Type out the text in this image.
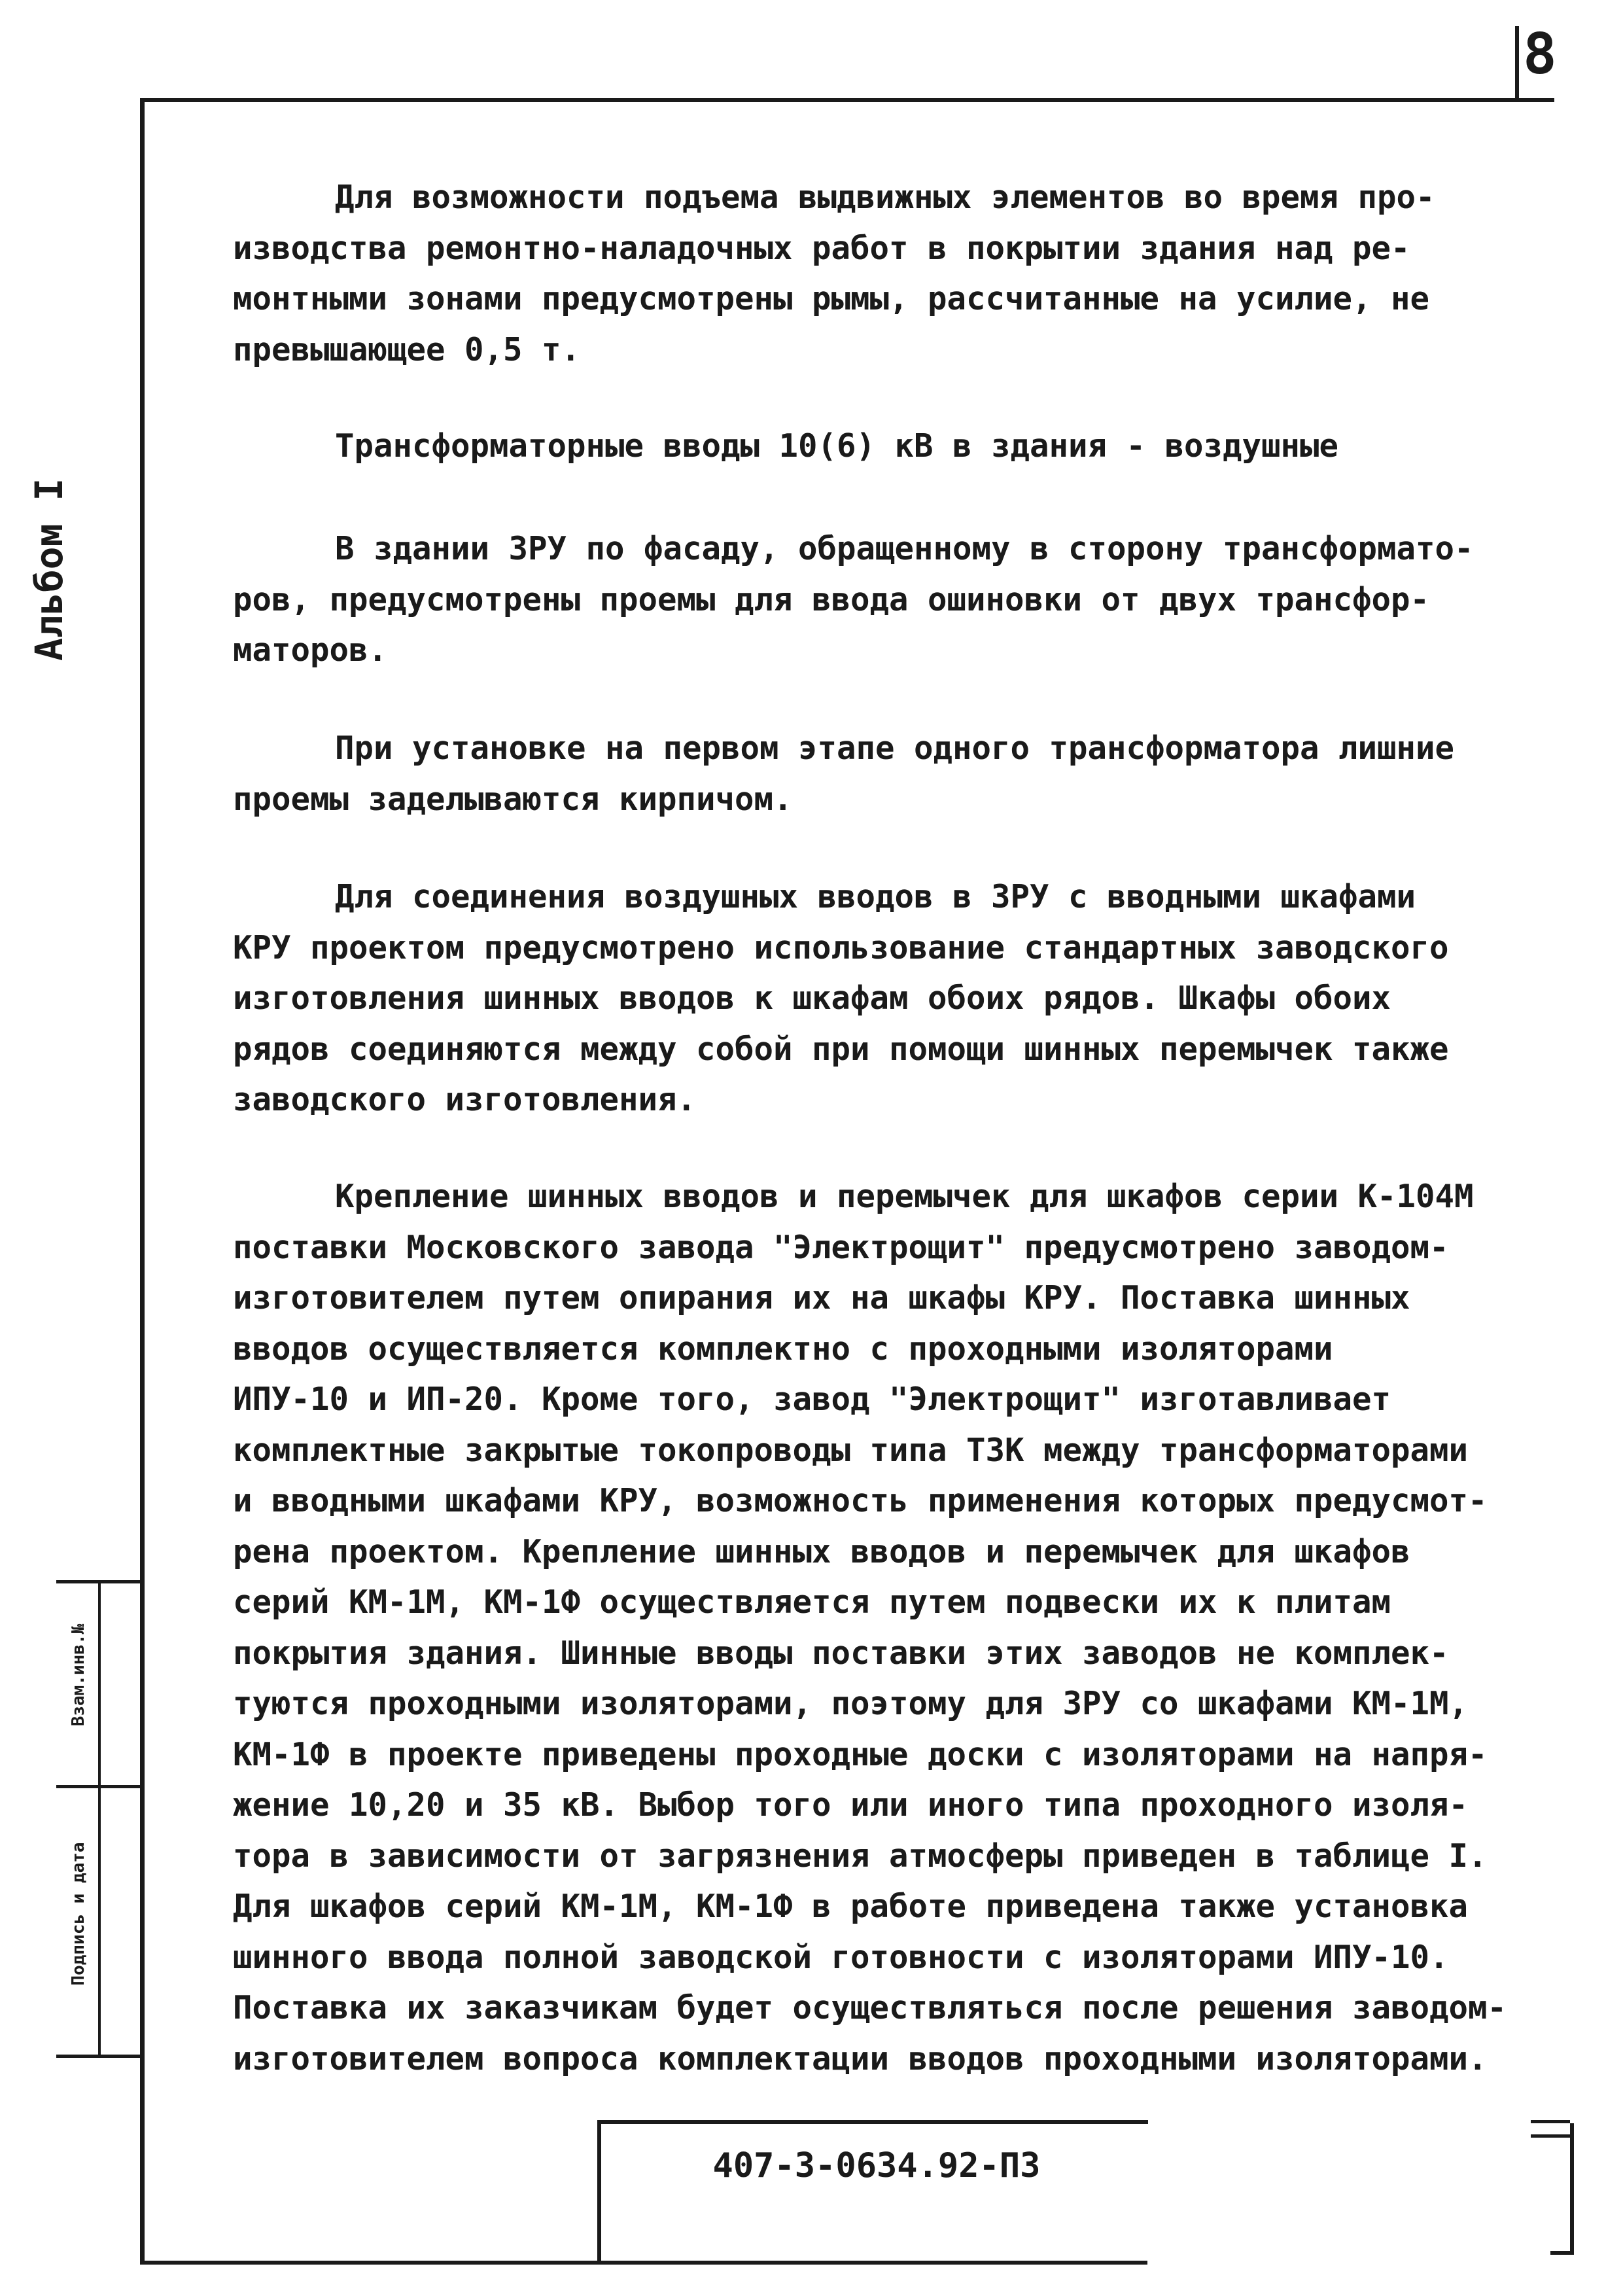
8
Альбом I
Взам.инв.№
Подпись и дата
Для возможности подъема выдвижных элементов во время про-
изводства ремонтно-наладочных работ в покрытии здания над ре-
монтными зонами предусмотрены рымы, рассчитанные на усилие, не
превышающее 0,5 т.
Трансформаторные вводы 10(6) кВ в здания - воздушные
В здании ЗРУ по фасаду, обращенному в сторону трансформато-
ров, предусмотрены проемы для ввода ошиновки от двух трансфор-
маторов.
При установке на первом этапе одного трансформатора лишние
проемы заделываются кирпичом.
Для соединения воздушных вводов в ЗРУ с вводными шкафами
КРУ проектом предусмотрено использование стандартных заводского
изготовления шинных вводов к шкафам обоих рядов. Шкафы обоих
рядов соединяются между собой при помощи шинных перемычек также
заводского изготовления.
Крепление шинных вводов и перемычек для шкафов серии К-104М
поставки Московского завода "Электрощит" предусмотрено заводом-
изготовителем путем опирания их на шкафы КРУ. Поставка шинных
вводов осуществляется комплектно с проходными изоляторами
ИПУ-10 и ИП-20. Кроме того, завод "Электрощит" изготавливает
комплектные закрытые токопроводы типа ТЗК между трансформаторами
и вводными шкафами КРУ, возможность применения которых предусмот-
рена проектом. Крепление шинных вводов и перемычек для шкафов
серий КМ-1М, КМ-1Ф осуществляется путем подвески их к плитам
покрытия здания. Шинные вводы поставки этих заводов не комплек-
туются проходными изоляторами, поэтому для ЗРУ со шкафами КМ-1М,
КМ-1Ф в проекте приведены проходные доски с изоляторами на напря-
жение 10,20 и 35 кВ. Выбор того или иного типа проходного изоля-
тора в зависимости от загрязнения атмосферы приведен в таблице I.
Для шкафов серий КМ-1М, КМ-1Ф в работе приведена также установка
шинного ввода полной заводской готовности с изоляторами ИПУ-10.
Поставка их заказчикам будет осуществляться после решения заводом-
изготовителем вопроса комплектации вводов проходными изоляторами.
407-3-0634.92-ПЗ
